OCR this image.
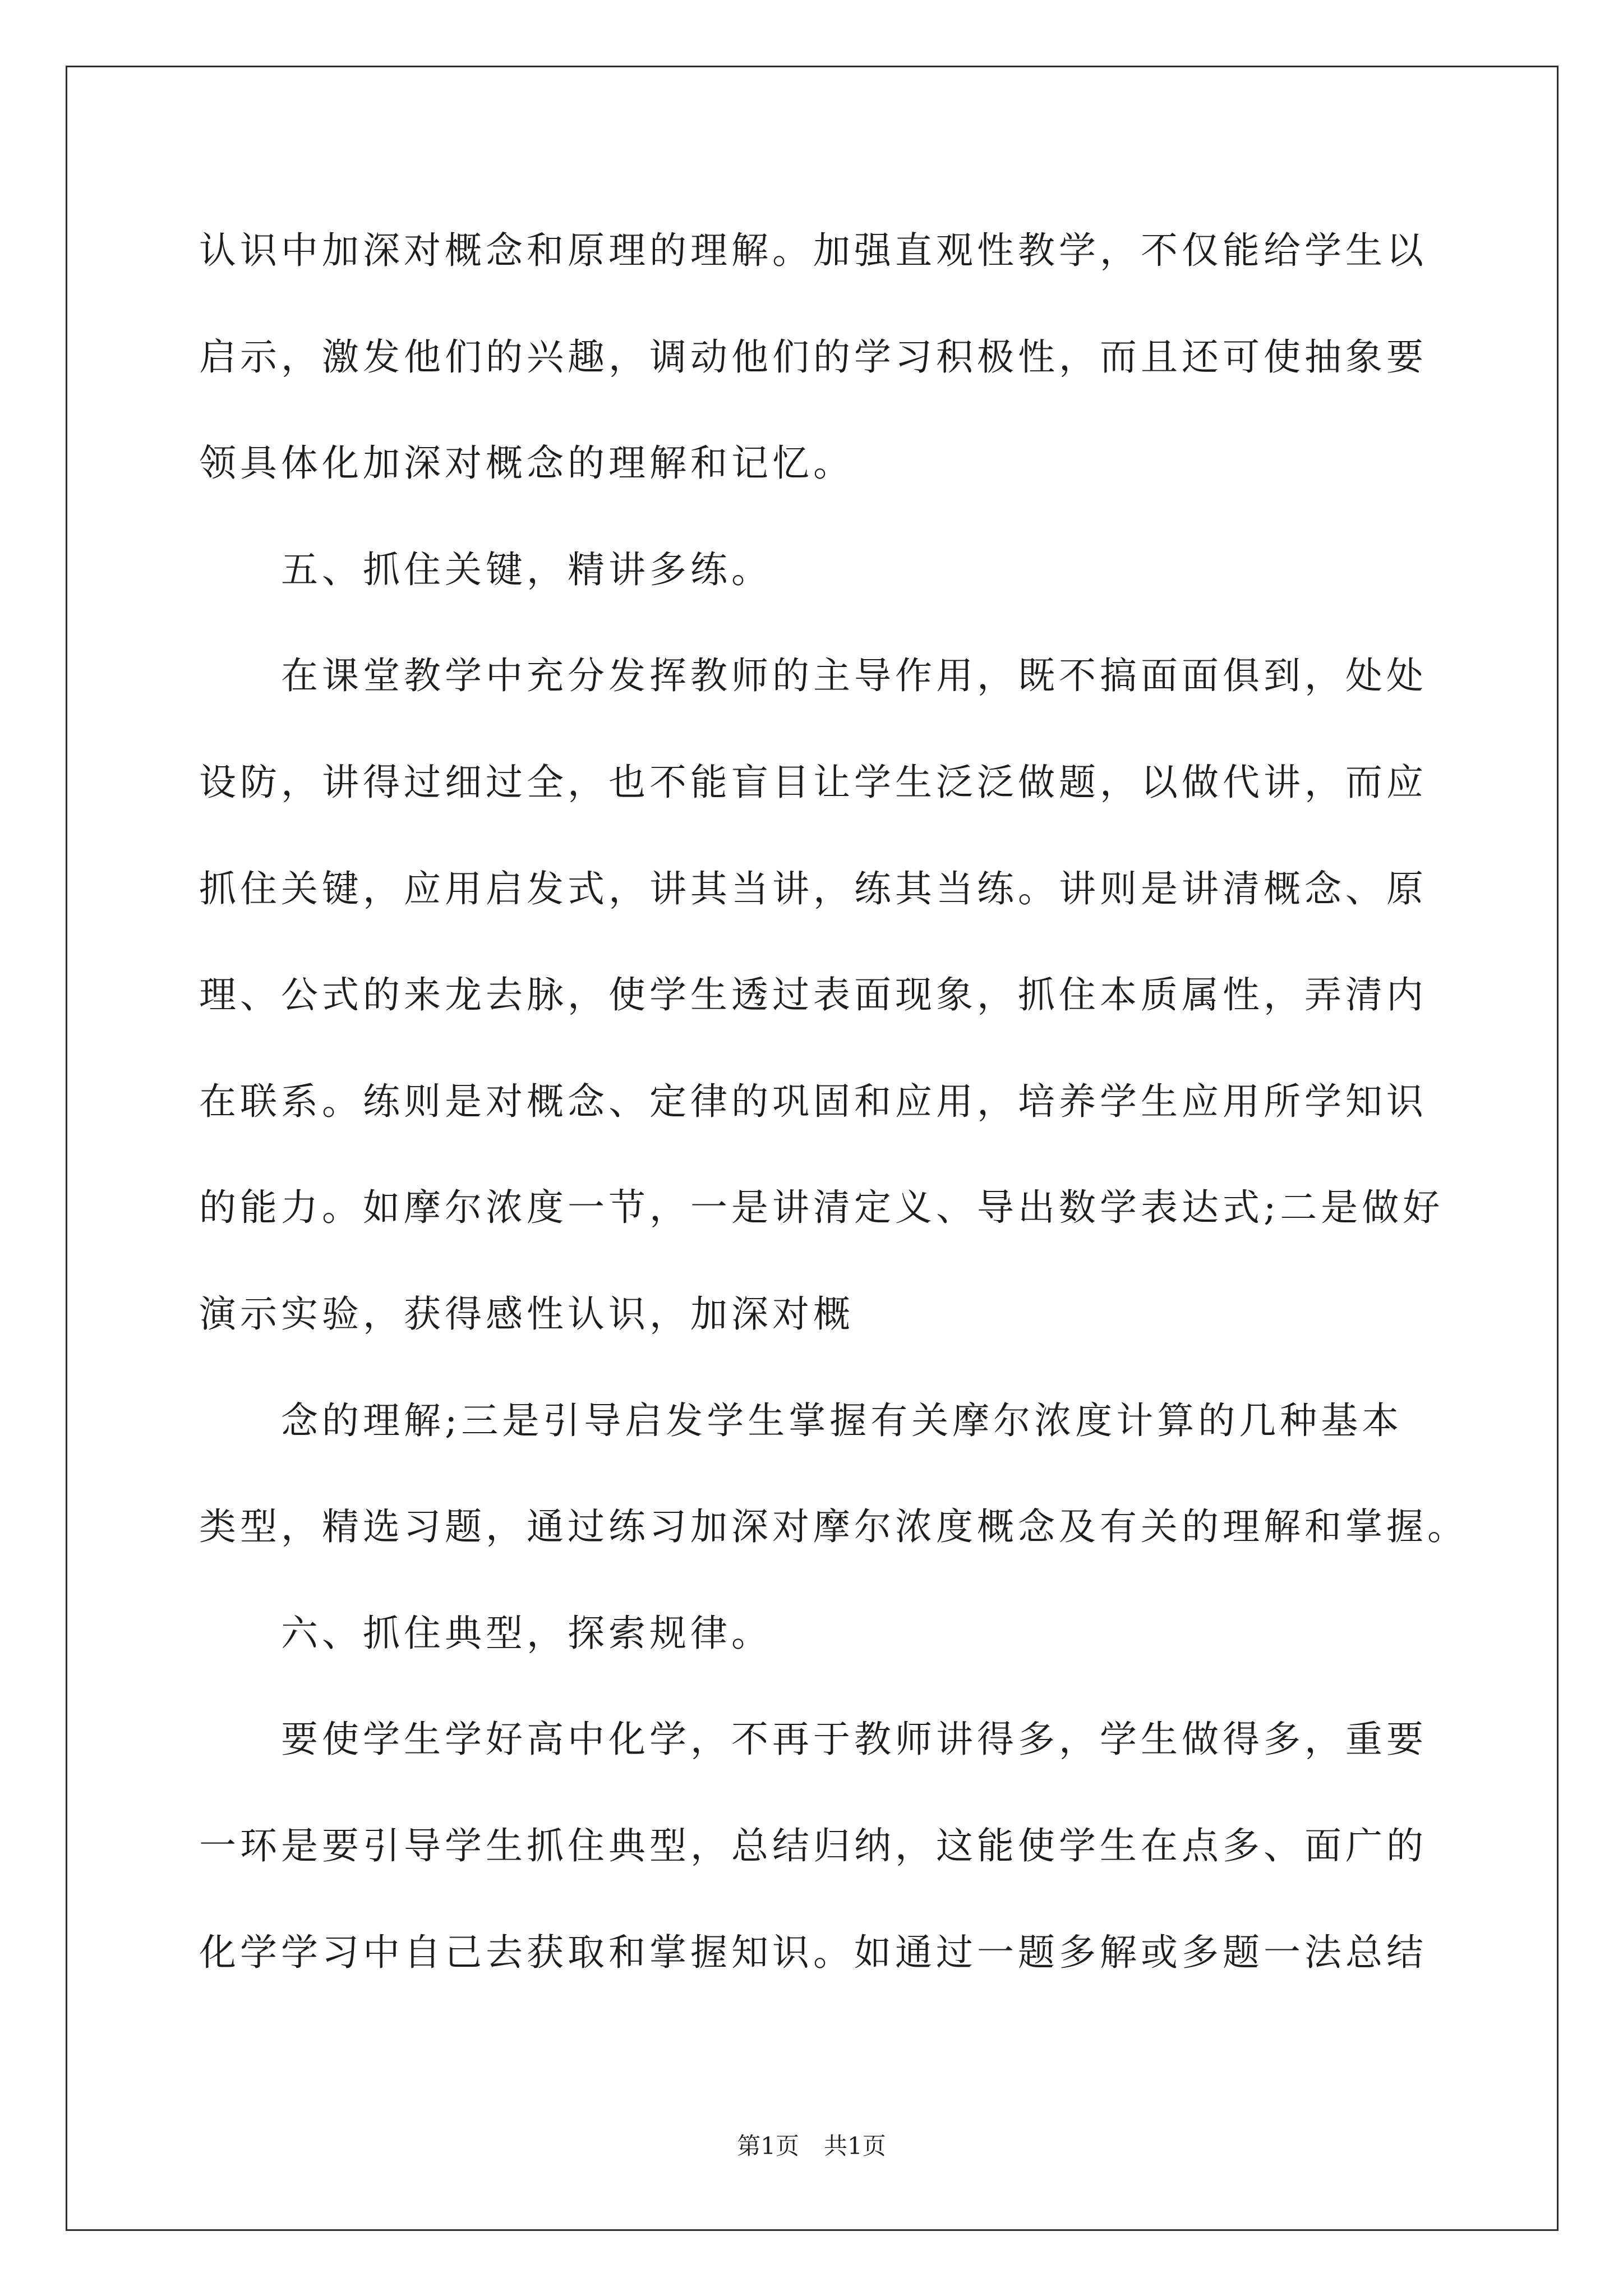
认识中加深对概念和原理的理解。加强直观性教学，不仅能给学生以
启示，激发他们的兴趣，调动他们的学习积极性，而且还可使抽象要
领具体化加深对概念的理解和记忆。
五、抓住关键，精讲多练。
在课堂教学中充分发挥教师的主导作用，既不搞面面俱到，处处
设防，讲得过细过全，也不能盲目让学生泛泛做题，以做代讲，而应
抓住关键，应用启发式，讲其当讲，练其当练。讲则是讲清概念、原
理、公式的来龙去脉，使学生透过表面现象，抓住本质属性，弄清内
在联系。练则是对概念、定律的巩固和应用，培养学生应用所学知识
的能力。如摩尔浓度一节，一是讲清定义、导出数学表达式;二是做好
演示实验，获得感性认识，加深对概
念的理解;三是引导启发学生掌握有关摩尔浓度计算的几种基本
类型，精选习题，通过练习加深对摩尔浓度概念及有关的理解和掌握。
六、抓住典型，探索规律。
要使学生学好高中化学，不再于教师讲得多，学生做得多，重要
一环是要引导学生抓住典型，总结归纳，这能使学生在点多、面广的
化学学习中自己去获取和掌握知识。如通过一题多解或多题一法总结
第1页 共1页
